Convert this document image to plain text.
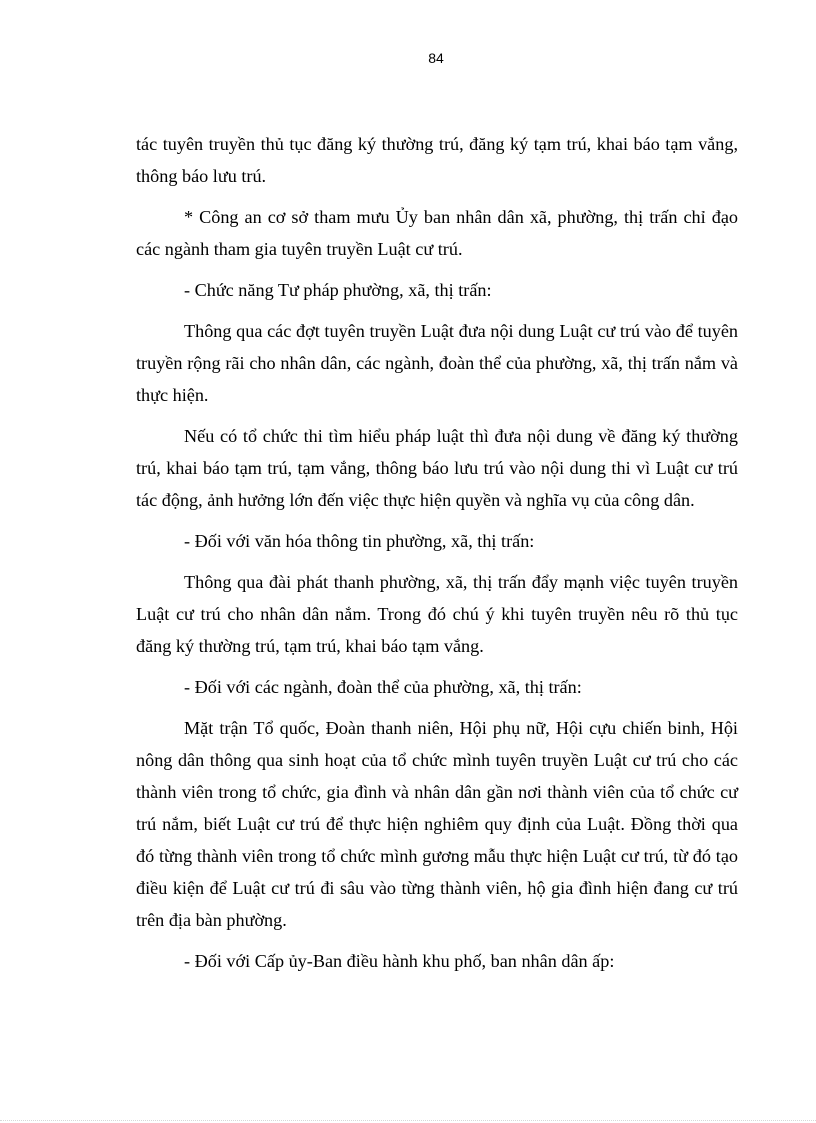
84

tác tuyên truyền thủ tục đăng ký thường trú, đăng ký tạm trú, khai báo tạm vắng, thông báo lưu trú.

* Công an cơ sở tham mưu Ủy ban nhân dân xã, phường, thị trấn chỉ đạo các ngành tham gia tuyên truyền Luật cư trú.

- Chức năng Tư pháp phường, xã, thị trấn:

Thông qua các đợt tuyên truyền Luật đưa nội dung Luật cư trú vào để tuyên truyền rộng rãi cho nhân dân, các ngành, đoàn thể của phường, xã, thị trấn nắm và thực hiện.

Nếu có tổ chức thi tìm hiểu pháp luật thì đưa nội dung về đăng ký thường trú, khai báo tạm trú, tạm vắng, thông báo lưu trú vào nội dung thi vì Luật cư trú tác động, ảnh hưởng lớn đến việc thực hiện quyền và nghĩa vụ của công dân.

- Đối với văn hóa thông tin phường, xã, thị trấn:

Thông qua đài phát thanh phường, xã, thị trấn đẩy mạnh việc tuyên truyền Luật cư trú cho nhân dân nắm. Trong đó chú ý khi tuyên truyền nêu rõ thủ tục đăng ký thường trú, tạm trú, khai báo tạm vắng.

- Đối với các ngành, đoàn thể của phường, xã, thị trấn:

Mặt trận Tổ quốc, Đoàn thanh niên, Hội phụ nữ, Hội cựu chiến binh, Hội nông dân thông qua sinh hoạt của tổ chức mình tuyên truyền Luật cư trú cho các thành viên trong tổ chức, gia đình và nhân dân gần nơi thành viên của tổ chức cư trú nắm, biết Luật cư trú để thực hiện nghiêm quy định của Luật. Đồng thời qua đó từng thành viên trong tổ chức mình gương mẫu thực hiện Luật cư trú, từ đó tạo điều kiện để Luật cư trú đi sâu vào từng thành viên, hộ gia đình hiện đang cư trú trên địa bàn phường.

- Đối với Cấp ủy-Ban điều hành khu phố, ban nhân dân ấp:
